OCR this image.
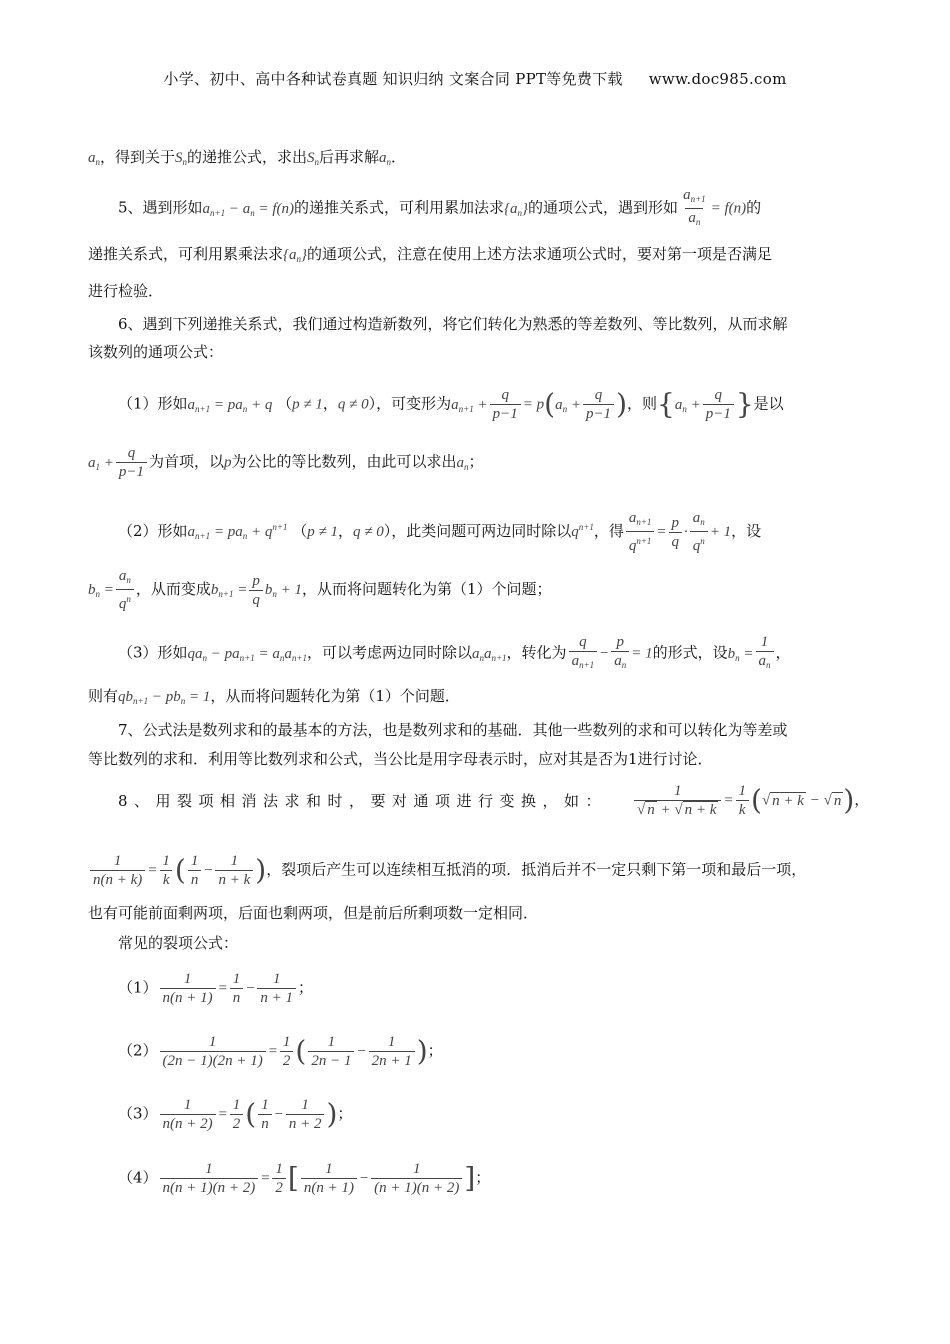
小学、初中、高中各种试卷真题 知识归纳 文案合同 PPT等免费下载 www.doc985.com
$a_n$，得到关于$S_n$的递推公式，求出$S_n$后再求解$a_n$．
5、遇到形如$a_{n+1} - a_n = f(n)$的递推关系式，可利用累加法求$\{a_n\}$的通项公式，遇到形如 $\frac{a_{n+1}}{a_n} = f(n)$的
递推关系式，可利用累乘法求$\{a_n\}$的通项公式，注意在使用上述方法求通项公式时，要对第一项是否满足
进行检验．
6、遇到下列递推关系式，我们通过构造新数列，将它们转化为熟悉的等差数列、等比数列，从而求解
该数列的通项公式：
（1）形如$a_{n+1} = pa_n + q$ （p ≠ 1，q ≠ 0），可变形为$a_{n+1} + \frac{q}{p-1} = p(a_n + \frac{q}{p-1}$ )，则{$a_n + \frac{q}{p-1}$ }是以
$a_1 + \frac{q}{p-1}$ 为首项，以p为公比的等比数列，由此可以求出$a_n$；
（2）形如$a_{n+1} = pa_n + q^{n+1}$ （p ≠ 1，q ≠ 0），此类问题可两边同时除以$q^{n+1}$，得 $\frac{a_{n+1}}{q^{n+1}} = \frac{p}{q} \cdot \frac{a_n}{q^n} + 1$，设
$b_n = \frac{a_n}{q^n}$ ，从而变成$b_{n+1} = \frac{p}{q} b_n + 1$，从而将问题转化为第（1）个问题；
（3）形如$qa_n - pa_{n+1} = a_na_{n+1}$，可以考虑两边同时除以$a_na_{n+1}$，转化为 $\frac{q}{a_{n+1}} - \frac{p}{a_n} = 1$的形式，设$b_n = \frac{1}{a_n}$ ，
则有$qb_{n+1} - pb_n = 1$，从而将问题转化为第（1）个问题．
7、公式法是数列求和的最基本的方法，也是数列求和的基础．其他一些数列的求和可以转化为等差或
等比数列的求和．利用等比数列求和公式，当公比是用字母表示时，应对其是否为1进行讨论．
8、用裂项相消法求和时，要对通项进行变换，如： $\frac{1}{√ n + √ n + k} = \frac{1}{k}$ (√ n + k − √ n)，
$\frac{1}{n(n + k)} = \frac{1}{k}$ ( $\frac{1}{n} - \frac{1}{n + k}$ )，裂项后产生可以连续相互抵消的项．抵消后并不一定只剩下第一项和最后一项，
也有可能前面剩两项，后面也剩两项，但是前后所剩项数一定相同．
常见的裂项公式：
$(1) \frac{1}{n(n + 1)} = \frac{1}{n} - \frac{1}{n + 1}$ ；
$(2) \frac{1}{(2n - 1)(2n + 1)} = \frac{1}{2}$ ( $\frac{1}{2n - 1} - \frac{1}{2n + 1}$ )；
$(3) \frac{1}{n(n + 2)} = \frac{1}{2}$ ( $\frac{1}{n} - \frac{1}{n + 2}$ )；
$(4) \frac{1}{n(n + 1)(n + 2)} = \frac{1}{2}$ [ $\frac{1}{n(n + 1)} - \frac{1}{(n + 1)(n + 2)}$ ]；
